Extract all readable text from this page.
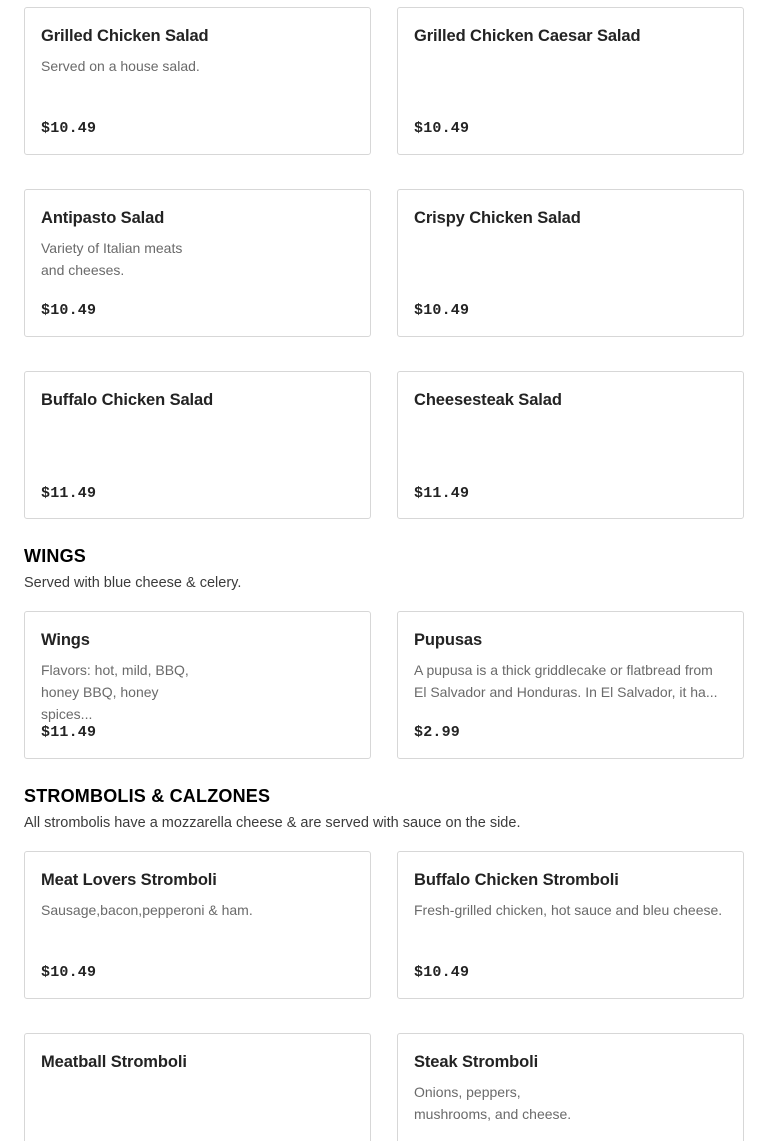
Grilled Chicken Salad
Served on a house salad.
$10.49
Grilled Chicken Caesar Salad
$10.49
Antipasto Salad
Variety of Italian meats and cheeses.
$10.49
Crispy Chicken Salad
$10.49
Buffalo Chicken Salad
$11.49
Cheesesteak Salad
$11.49
WINGS

Served with blue cheese & celery.

Wings
Flavors: hot, mild, BBQ, honey BBQ, honey spices...
$11.49
Pupusas
A pupusa is a thick griddlecake or flatbread from El Salvador and Honduras. In El Salvador, it ha...
$2.99
STROMBOLIS & CALZONES

All strombolis have a mozzarella cheese & are served with sauce on the side.

Meat Lovers Stromboli
Sausage,bacon,pepperoni & ham.
$10.49
Buffalo Chicken Stromboli
Fresh-grilled chicken, hot sauce and bleu cheese.
$10.49
Meatball Stromboli	Steak Stromboli
Onions, peppers, mushrooms, and cheese.
